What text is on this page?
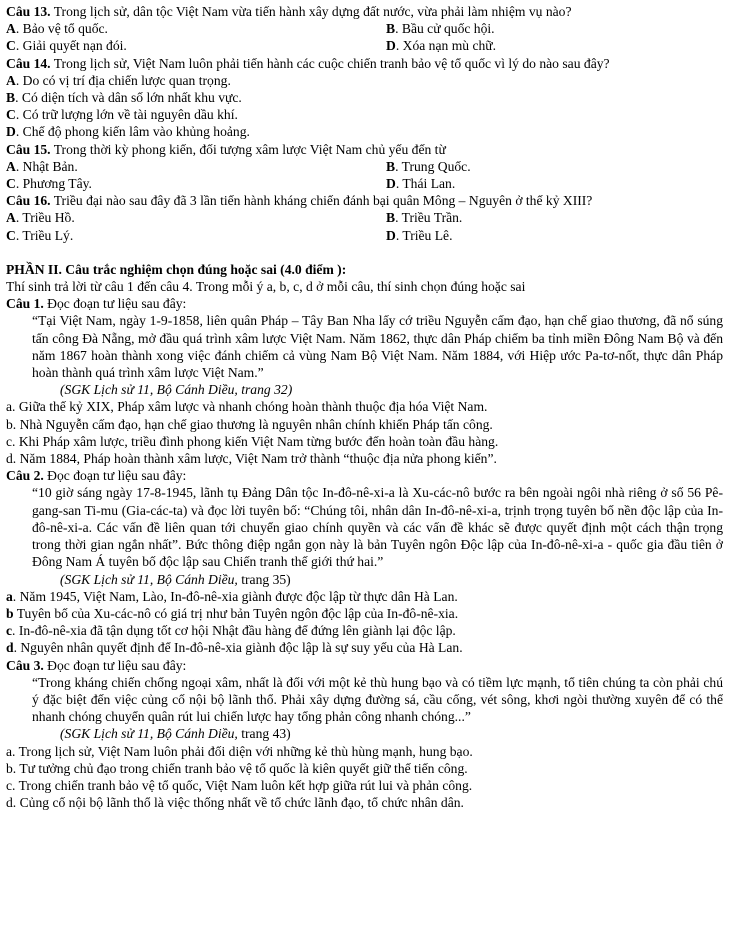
Câu 13. Trong lịch sử, dân tộc Việt Nam vừa tiến hành xây dựng đất nước, vừa phải làm nhiệm vụ nào?
A. Bảo vệ tổ quốc.	B. Bầu cử quốc hội.
C. Giải quyết nạn đói.	D. Xóa nạn mù chữ.
Câu 14. Trong lịch sử, Việt Nam luôn phải tiến hành các cuộc chiến tranh bảo vệ tổ quốc vì lý do nào sau đây?
A. Do có vị trí địa chiến lược quan trọng.
B. Có diện tích và dân số lớn nhất khu vực.
C. Có trữ lượng lớn về tài nguyên dầu khí.
D. Chế độ phong kiến lâm vào khủng hoảng.
Câu 15. Trong thời kỳ phong kiến, đối tượng xâm lược Việt Nam chủ yếu đến từ
A. Nhật Bản.	B. Trung Quốc.
C. Phương Tây.	D. Thái Lan.
Câu 16. Triều đại nào sau đây đã 3 lần tiến hành kháng chiến đánh bại quân Mông – Nguyên ở thế kỷ XIII?
A. Triều Hồ.	B. Triều Trần.
C. Triều Lý.	D. Triều Lê.
PHẦN II. Câu trắc nghiệm chọn đúng hoặc sai (4.0 điểm ):
Thí sinh trả lời từ câu 1 đến câu 4. Trong mỗi ý a, b, c, d ở mỗi câu, thí sinh chọn đúng hoặc sai
Câu 1. Đọc đoạn tư liệu sau đây:
“Tại Việt Nam, ngày 1-9-1858, liên quân Pháp – Tây Ban Nha lấy cớ triều Nguyễn cấm đạo, hạn chế giao thương, đã nổ súng tấn công Đà Nẵng, mở đầu quá trình xâm lược Việt Nam. Năm 1862, thực dân Pháp chiếm ba tỉnh miền Đông Nam Bộ và đến năm 1867 hoàn thành xong việc đánh chiếm cả vùng Nam Bộ Việt Nam. Năm 1884, với Hiệp ước Pa-tơ-nốt, thực dân Pháp hoàn thành quá trình xâm lược Việt Nam.”
(SGK Lịch sử 11, Bộ Cánh Diều, trang 32)
a. Giữa thế kỷ XIX, Pháp xâm lược và nhanh chóng hoàn thành thuộc địa hóa Việt Nam.
b. Nhà Nguyễn cấm đạo, hạn chế giao thương là nguyên nhân chính khiến Pháp tấn công.
c. Khi Pháp xâm lược, triều đình phong kiến Việt Nam từng bước đến hoàn toàn đầu hàng.
d. Năm 1884, Pháp hoàn thành xâm lược, Việt Nam trở thành “thuộc địa nửa phong kiến”.
Câu 2. Đọc đoạn tư liệu sau đây:
“10 giờ sáng ngày 17-8-1945, lãnh tụ Đảng Dân tộc In-đô-nê-xi-a là Xu-các-nô bước ra bên ngoài ngôi nhà riêng ở số 56 Pê-gang-san Ti-mu (Gia-các-ta) và đọc lời tuyên bố: “Chúng tôi, nhân dân In-đô-nê-xi-a, trịnh trọng tuyên bố nền độc lập của In-đô-nê-xi-a. Các vấn đề liên quan tới chuyển giao chính quyền và các vấn đề khác sẽ được quyết định một cách thận trọng trong thời gian ngắn nhất”. Bức thông điệp ngắn gọn này là bản Tuyên ngôn Độc lập của In-đô-nê-xi-a - quốc gia đầu tiên ở Đông Nam Á tuyên bố độc lập sau Chiến tranh thế giới thứ hai.”
(SGK Lịch sử 11, Bộ Cánh Diều, trang 35)
a. Năm 1945, Việt Nam, Lào, In-đô-nê-xia giành được độc lập từ thực dân Hà Lan.
b Tuyên bố của Xu-các-nô có giá trị như bản Tuyên ngôn độc lập của In-đô-nê-xia.
c. In-đô-nê-xia đã tận dụng tốt cơ hội Nhật đầu hàng để đứng lên giành lại độc lập.
d. Nguyên nhân quyết định để In-đô-nê-xia giành độc lập là sự suy yếu của Hà Lan.
Câu 3. Đọc đoạn tư liệu sau đây:
“Trong kháng chiến chống ngoại xâm, nhất là đối với một kẻ thù hung bạo và có tiềm lực mạnh, tổ tiên chúng ta còn phải chú ý đặc biệt đến việc củng cố nội bộ lãnh thổ. Phải xây dựng đường sá, cầu cống, vét sông, khơi ngòi thường xuyên để có thể nhanh chóng chuyển quân rút lui chiến lược hay tổng phản công nhanh chóng...”
(SGK Lịch sử 11, Bộ Cánh Diều, trang 43)
a. Trong lịch sử, Việt Nam luôn phải đối diện với những kẻ thù hùng mạnh, hung bạo.
b. Tư tưởng chủ đạo trong chiến tranh bảo vệ tổ quốc là kiên quyết giữ thế tiến công.
c. Trong chiến tranh bảo vệ tổ quốc, Việt Nam luôn kết hợp giữa rút lui và phản công.
d. Củng cố nội bộ lãnh thổ là việc thống nhất về tổ chức lãnh đạo, tổ chức nhân dân.
